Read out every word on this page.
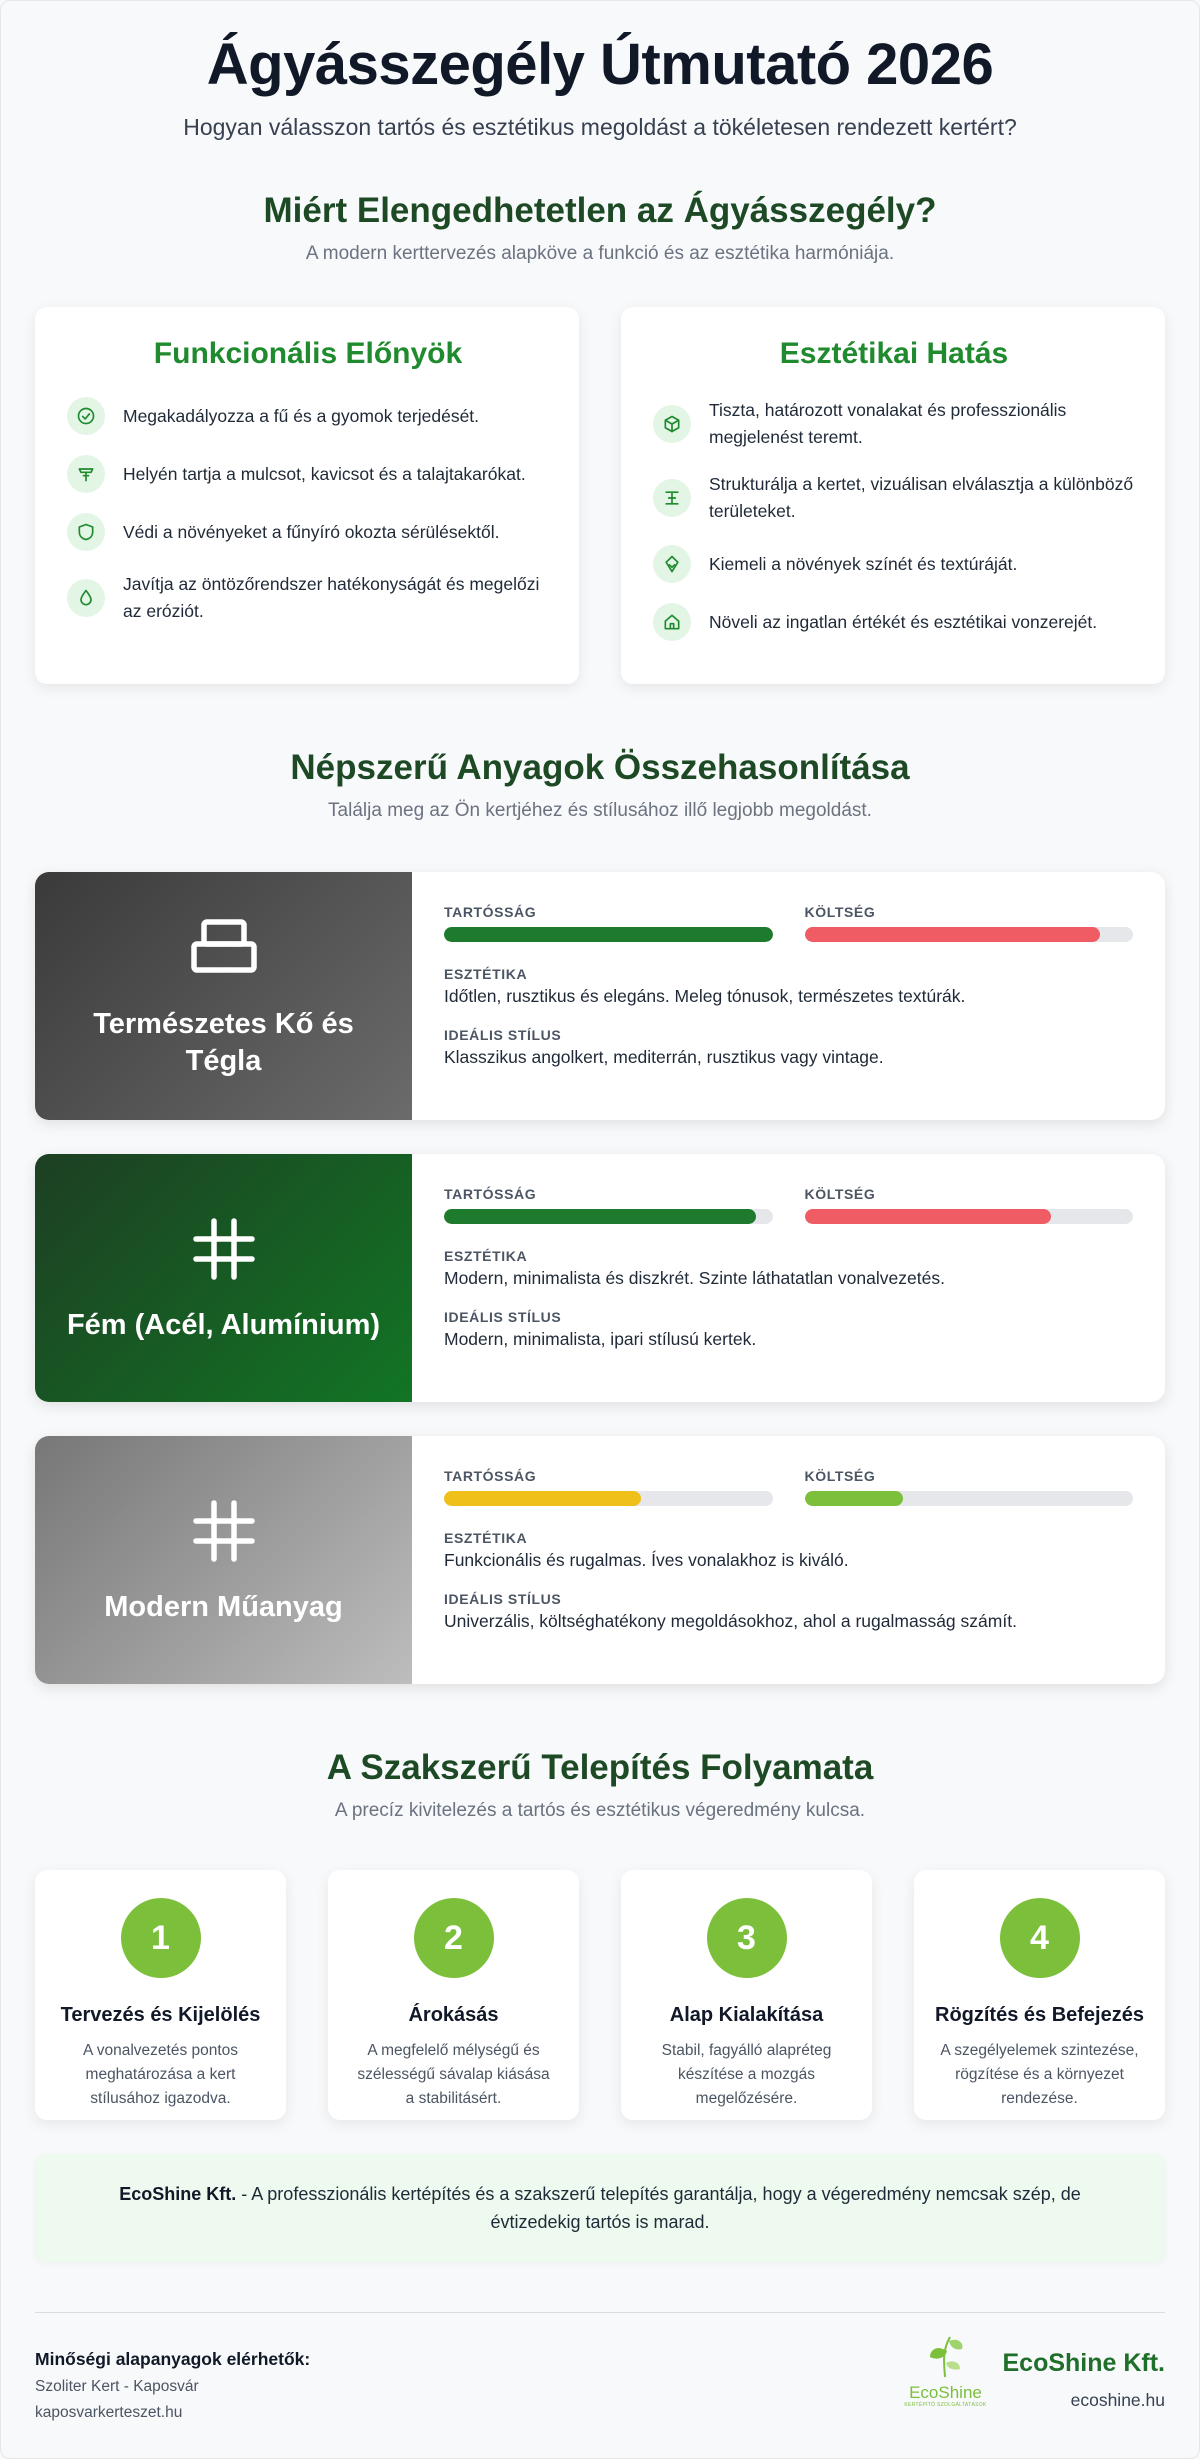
Ágyásszegély Útmutató 2026

Hogyan válasszon tartós és esztétikus megoldást a tökéletesen rendezett kertért?

Miért Elengedhetetlen az Ágyásszegély?

A modern kerttervezés alapköve a funkció és az esztétika harmóniája.

Funkcionális Előnyök
Megakadályozza a fű és a gyomok terjedését.
Helyén tartja a mulcsot, kavicsot és a talajtakarókat.
Védi a növényeket a fűnyíró okozta sérülésektől.
Javítja az öntözőrendszer hatékonyságát és megelőzi az eróziót.
Esztétikai Hatás
Tiszta, határozott vonalakat és professzionális megjelenést teremt.
Strukturálja a kertet, vizuálisan elválasztja a különböző területeket.
Kiemeli a növények színét és textúráját.
Növeli az ingatlan értékét és esztétikai vonzerejét.
Népszerű Anyagok Összehasonlítása

Találja meg az Ön kertjéhez és stílusához illő legjobb megoldást.

Természetes Kő és Tégla
TARTÓSSÁG	KÖLTSÉG
ESZTÉTIKA
Időtlen, rusztikus és elegáns. Meleg tónusok, természetes textúrák.
IDEÁLIS STÍLUS
Klasszikus angolkert, mediterrán, rusztikus vagy vintage.
Fém (Acél, Alumínium)
TARTÓSSÁG	KÖLTSÉG
ESZTÉTIKA
Modern, minimalista és diszkrét. Szinte láthatatlan vonalvezetés.
IDEÁLIS STÍLUS
Modern, minimalista, ipari stílusú kertek.
Modern Műanyag
TARTÓSSÁG	KÖLTSÉG
ESZTÉTIKA
Funkcionális és rugalmas. Íves vonalakhoz is kiváló.
IDEÁLIS STÍLUS
Univerzális, költséghatékony megoldásokhoz, ahol a rugalmasság számít.
A Szakszerű Telepítés Folyamata

A precíz kivitelezés a tartós és esztétikus végeredmény kulcsa.

1
Tervezés és Kijelölés

A vonalvezetés pontos meghatározása a kert stílusához igazodva.

2
Árokásás

A megfelelő mélységű és szélességű sávalap kiásása a stabilitásért.

3
Alap Kialakítása

Stabil, fagyálló alapréteg készítése a mozgás megelőzésére.

4
Rögzítés és Befejezés

A szegélyelemek szintezése, rögzítése és a környezet rendezése.

EcoShine Kft. - A professzionális kertépítés és a szakszerű telepítés garantálja, hogy a végeredmény nemcsak szép, de évtizedekig tartós is marad.
Minőségi alapanyagok elérhetők:
Szoliter Kert - Kaposvár
kaposvarkerteszet.hu
EcoShine
KERTÉPÍTŐ SZOLGÁLTATÁSOK
EcoShine Kft.
ecoshine.hu
